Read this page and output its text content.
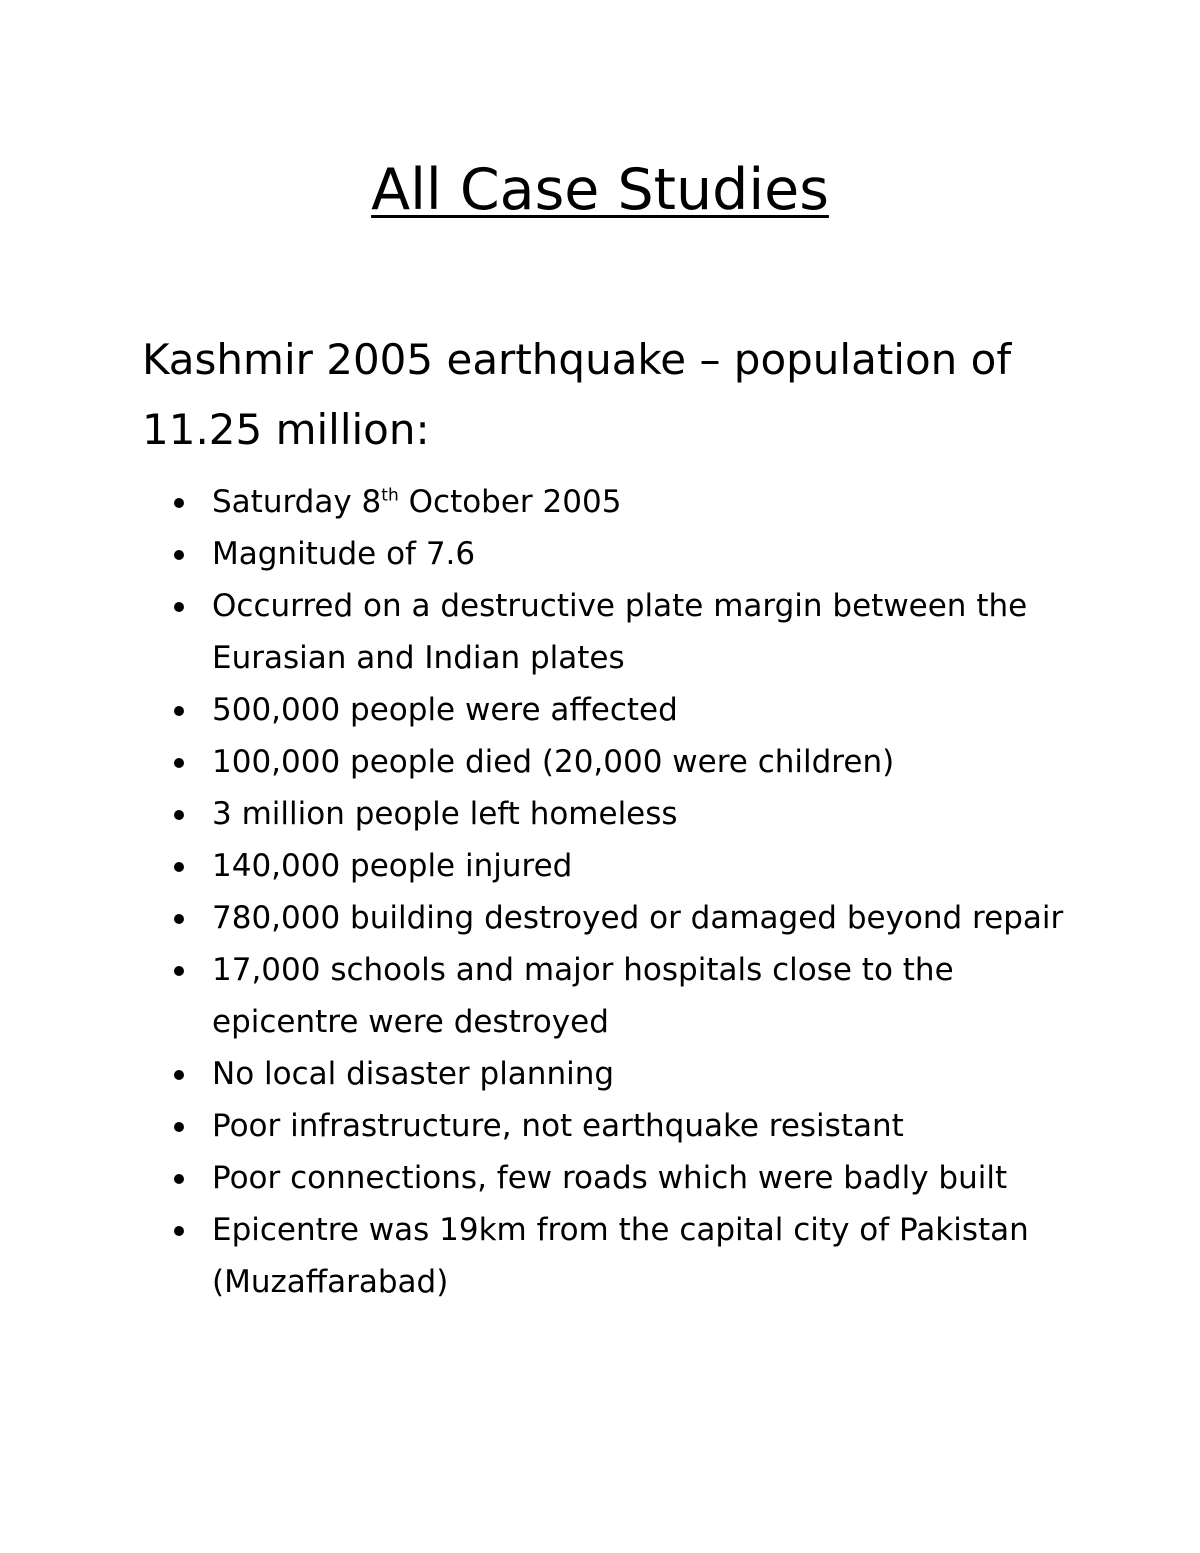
All Case Studies
Kashmir 2005 earthquake – population of 11.25 million:
Saturday 8th October 2005
Magnitude of 7.6
Occurred on a destructive plate margin between the Eurasian and Indian plates
500,000 people were affected
100,000 people died (20,000 were children)
3 million people left homeless
140,000 people injured
780,000 building destroyed or damaged beyond repair
17,000 schools and major hospitals close to the epicentre were destroyed
No local disaster planning
Poor infrastructure, not earthquake resistant
Poor connections, few roads which were badly built
Epicentre was 19km from the capital city of Pakistan (Muzaffarabad)
